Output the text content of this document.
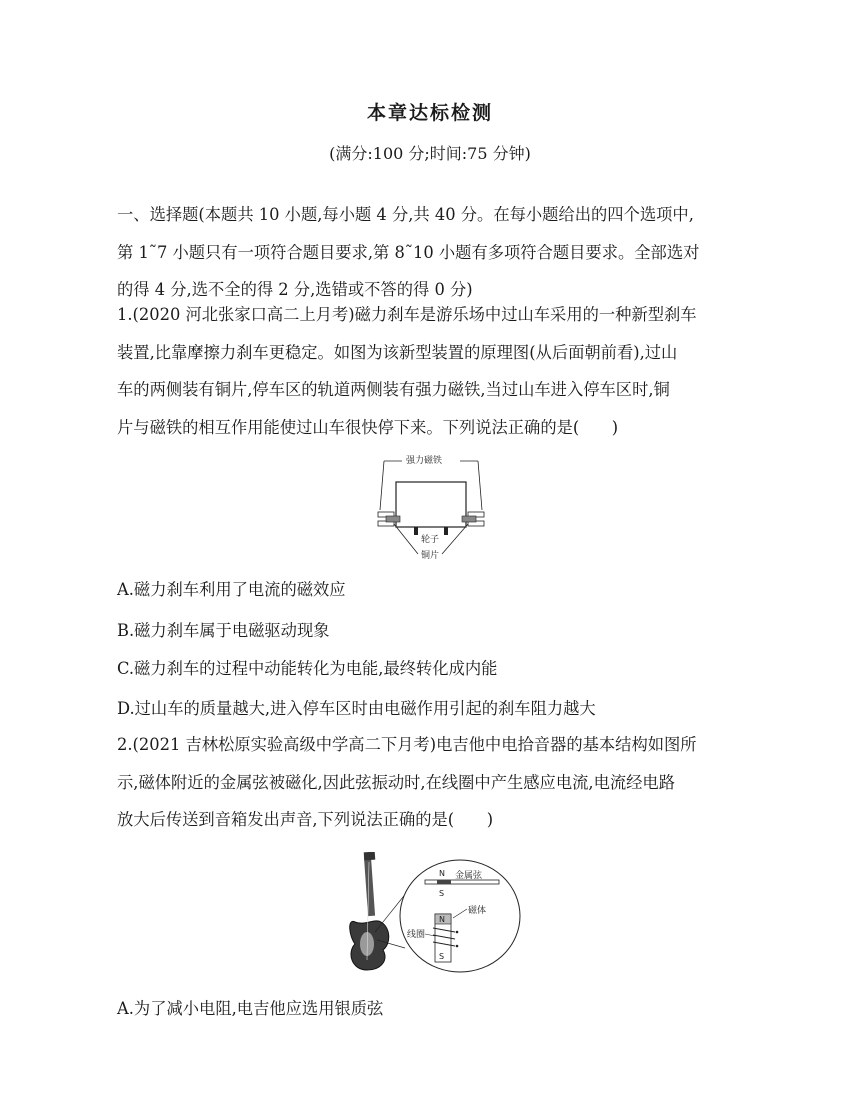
本章达标检测
(满分:100 分;时间:75 分钟)

一、选择题(本题共 10 小题,每小题 4 分,共 40 分。在每小题给出的四个选项中,

第 1˜7 小题只有一项符合题目要求,第 8˜10 小题有多项符合题目要求。全部选对

的得 4 分,选不全的得 2 分,选错或不答的得 0 分)

1.(2020 河北张家口高二上月考)磁力刹车是游乐场中过山车采用的一种新型刹车

装置,比靠摩擦力刹车更稳定。如图为该新型装置的原理图(从后面朝前看),过山

车的两侧装有铜片,停车区的轨道两侧装有强力磁铁,当过山车进入停车区时,铜

片与磁铁的相互作用能使过山车很快停下来。下列说法正确的是(　　)

强力磁铁
轮子
铜片
A.磁力刹车利用了电流的磁效应
B.磁力刹车属于电磁驱动现象
C.磁力刹车的过程中动能转化为电能,最终转化成内能
D.过山车的质量越大,进入停车区时由电磁作用引起的刹车阻力越大

2.(2021 吉林松原实验高级中学高二下月考)电吉他中电拾音器的基本结构如图所

示,磁体附近的金属弦被磁化,因此弦振动时,在线圈中产生感应电流,电流经电路

放大后传送到音箱发出声音,下列说法正确的是(　　)

金属弦
N
S
N
S
磁体
线圈
A.为了减小电阻,电吉他应选用银质弦
